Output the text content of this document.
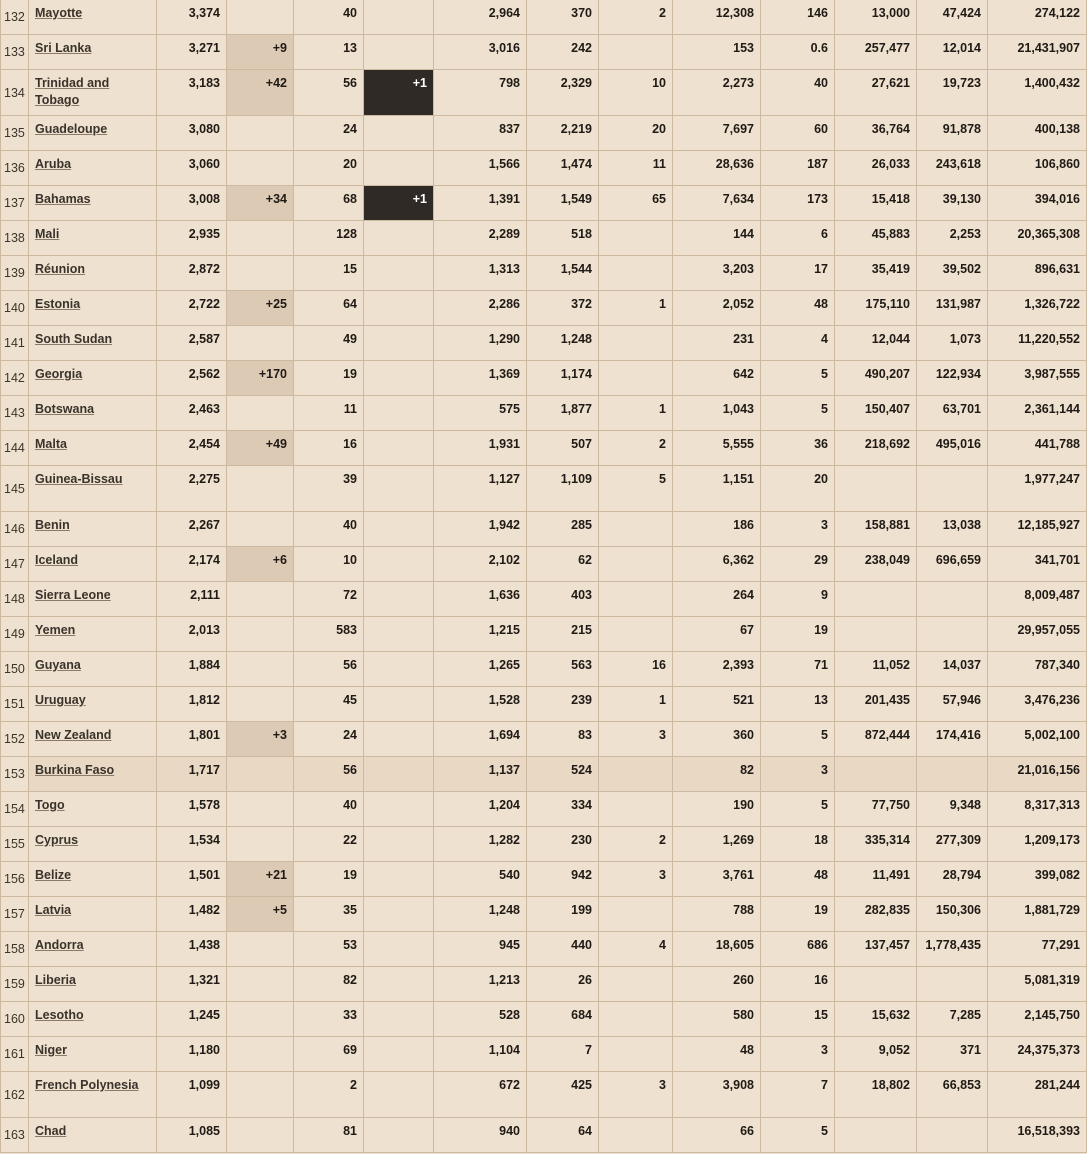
132	Mayotte	3,374		40		2,964	370	2	12,308	146	13,000	47,424	274,122
133	Sri Lanka	3,271	+9	13		3,016	242		153	0.6	257,477	12,014	21,431,907
134	Trinidad and Tobago	3,183	+42	56	+1	798	2,329	10	2,273	40	27,621	19,723	1,400,432
135	Guadeloupe	3,080		24		837	2,219	20	7,697	60	36,764	91,878	400,138
136	Aruba	3,060		20		1,566	1,474	11	28,636	187	26,033	243,618	106,860
137	Bahamas	3,008	+34	68	+1	1,391	1,549	65	7,634	173	15,418	39,130	394,016
138	Mali	2,935		128		2,289	518		144	6	45,883	2,253	20,365,308
139	Réunion	2,872		15		1,313	1,544		3,203	17	35,419	39,502	896,631
140	Estonia	2,722	+25	64		2,286	372	1	2,052	48	175,110	131,987	1,326,722
141	South Sudan	2,587		49		1,290	1,248		231	4	12,044	1,073	11,220,552
142	Georgia	2,562	+170	19		1,369	1,174		642	5	490,207	122,934	3,987,555
143	Botswana	2,463		11		575	1,877	1	1,043	5	150,407	63,701	2,361,144
144	Malta	2,454	+49	16		1,931	507	2	5,555	36	218,692	495,016	441,788
145	Guinea-Bissau	2,275		39		1,127	1,109	5	1,151	20			1,977,247
146	Benin	2,267		40		1,942	285		186	3	158,881	13,038	12,185,927
147	Iceland	2,174	+6	10		2,102	62		6,362	29	238,049	696,659	341,701
148	Sierra Leone	2,111		72		1,636	403		264	9			8,009,487
149	Yemen	2,013		583		1,215	215		67	19			29,957,055
150	Guyana	1,884		56		1,265	563	16	2,393	71	11,052	14,037	787,340
151	Uruguay	1,812		45		1,528	239	1	521	13	201,435	57,946	3,476,236
152	New Zealand	1,801	+3	24		1,694	83	3	360	5	872,444	174,416	5,002,100
153	Burkina Faso	1,717		56		1,137	524		82	3			21,016,156
154	Togo	1,578		40		1,204	334		190	5	77,750	9,348	8,317,313
155	Cyprus	1,534		22		1,282	230	2	1,269	18	335,314	277,309	1,209,173
156	Belize	1,501	+21	19		540	942	3	3,761	48	11,491	28,794	399,082
157	Latvia	1,482	+5	35		1,248	199		788	19	282,835	150,306	1,881,729
158	Andorra	1,438		53		945	440	4	18,605	686	137,457	1,778,435	77,291
159	Liberia	1,321		82		1,213	26		260	16			5,081,319
160	Lesotho	1,245		33		528	684		580	15	15,632	7,285	2,145,750
161	Niger	1,180		69		1,104	7		48	3	9,052	371	24,375,373
162	French Polynesia	1,099		2		672	425	3	3,908	7	18,802	66,853	281,244
163	Chad	1,085		81		940	64		66	5			16,518,393
